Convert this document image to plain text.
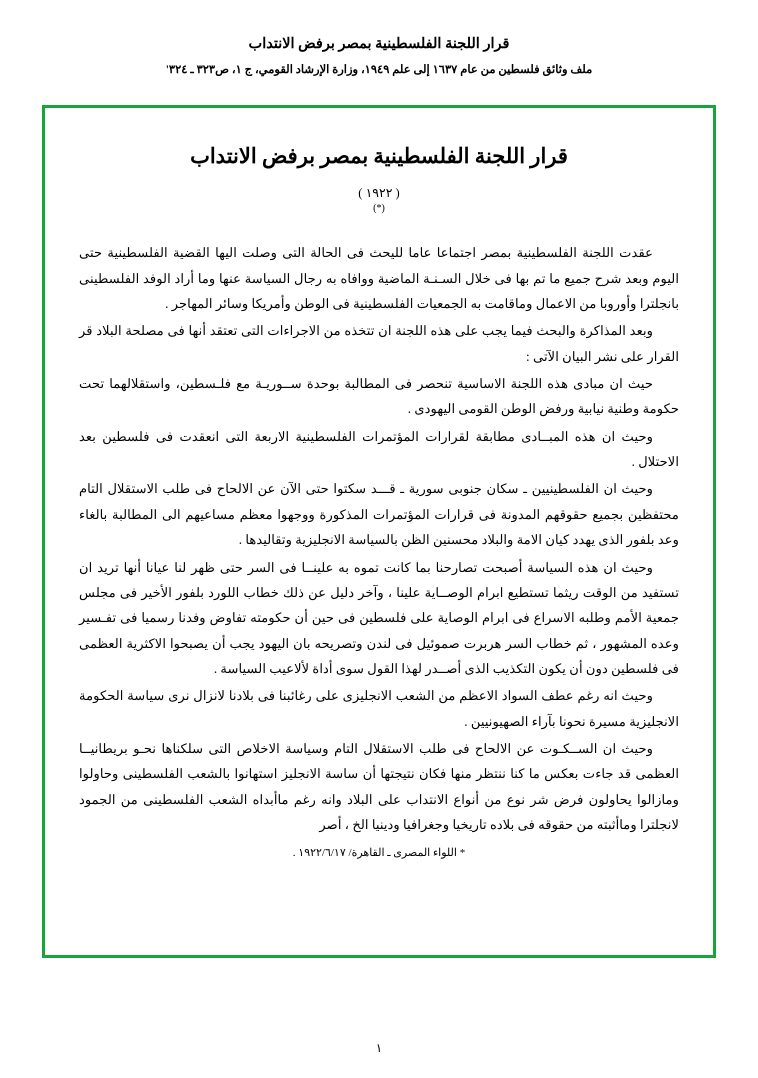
قرار اللجنة الفلسطينية بمصر برفض الانتداب
ملف وثائق فلسطين من عام ١٦٣٧ إلى علم ١٩٤٩، وزارة الإرشاد القومي، ج ١، ص٣٢٣ ـ ٣٢٤'
قرار اللجنة الفلسطينية بمصر برفض الانتداب
( ١٩٢٢ )
(*)

عقدت اللجنة الفلسطينية بمصر اجتماعا عاما لليحث فى الحالة التى وصلت اليها القضية الفلسطينية حتى اليوم وبعد شرح جميع ما تم بها فى خلال السـنـة الماضية ووافاه به رجال السياسة عنها وما أراد الوفد الفلسطينى بانجلترا وأوروبا من الاعمال وماقامت به الجمعيات الفلسطينية فى الوطن وأمريكا وسائر المهاجر .

وبعد المذاكرة والبحث فيما يجب على هذه اللجنة ان تتخذه من الاجراءات التى تعتقد أنها فى مصلحة البلاد قر القرار على نشر البيان الآتى :

حيث ان مبادى‌ هذه اللجنة الاساسية تنحصر فى المطالبة بوحدة ســوريـة مع فلـسطين، واستقلالهما تحت حكومة وطنية نيابية ورفض الوطن القومى اليهودى .

وحيث ان هذه المبــادى‌ مطابقة لقرارات المؤتمرات الفلسطينية الاربعة التى انعقدت فى فلسطين بعد الاحتلال .

وحيث ان الفلسطينيين ـ سكان جنوبى سورية ـ قـــد سكتوا حتى الآن عن الالحاح فى طلب الاستقلال التام محتفظين بجميع حقوقهم المدونة فى قرارات المؤتمرات المذكورة ووجهوا معظم مساعيهم الى المطالبة بالغاء وعد بلفور الذى يهدد كيان الامة والبلاد محسنين الظن بالسياسة الانجليزية وتقاليدها .

وحيث ان هذه السياسة أصبحت تصارحنا بما كانت تموه به علينــا فى السر حتى ظهر لنا عيانا أنها تريد ان تستفيد من الوقت ريثما تستطيع ابرام الوصــاية علينا ، وآخر دليل عن ذلك خطاب اللورد بلفور الأخير فى مجلس جمعية الأمم وطلبه الاسراع فى ابرام الوصاية على فلسطين فى حين أن حكومته تفاوض وفدنا رسميا فى تفـسير وعده المشهور ، ثم خطاب السر هربرت صموئيل فى لندن وتصريحه بان اليهود يجب أن يصبحوا الاكثرية العظمى فى فلسطين دون أن يكون التكذيب الذى أصــدر لهذا القول سوى أداة لألاعيب السياسة .

وحيث انه رغم عطف السواد الاعظم من الشعب الانجليزى على رغائبنا فى بلادنا لانزال نرى سياسة الحكومة الانجليزية مسيرة نحونا بآراء الصهيونيين .

وحيث ان الســكـوت عن الالحاح فى طلب الاستقلال التام وسياسة الاخلاص التى سلكناها نحـو بريطانيــا العظمى قد جاءت بعكس ما كنا ننتظر منها فكان نتيجتها أن ساسة الانجليز استهانوا بالشعب الفلسطينى وحاولوا ومازالوا يحاولون فرض شر نوع من أنواع الانتداب على البلاد وانه رغم ماأبداه الشعب الفلسطينى من الجمود لانجلترا وماأثبته من حقوقه فى بلاده تاريخيا وجغرافيا ودينيا الخ ، أصر

* اللواء المصرى ـ القاهرة/ ١٩٢٢/٦/١٧ .
١
